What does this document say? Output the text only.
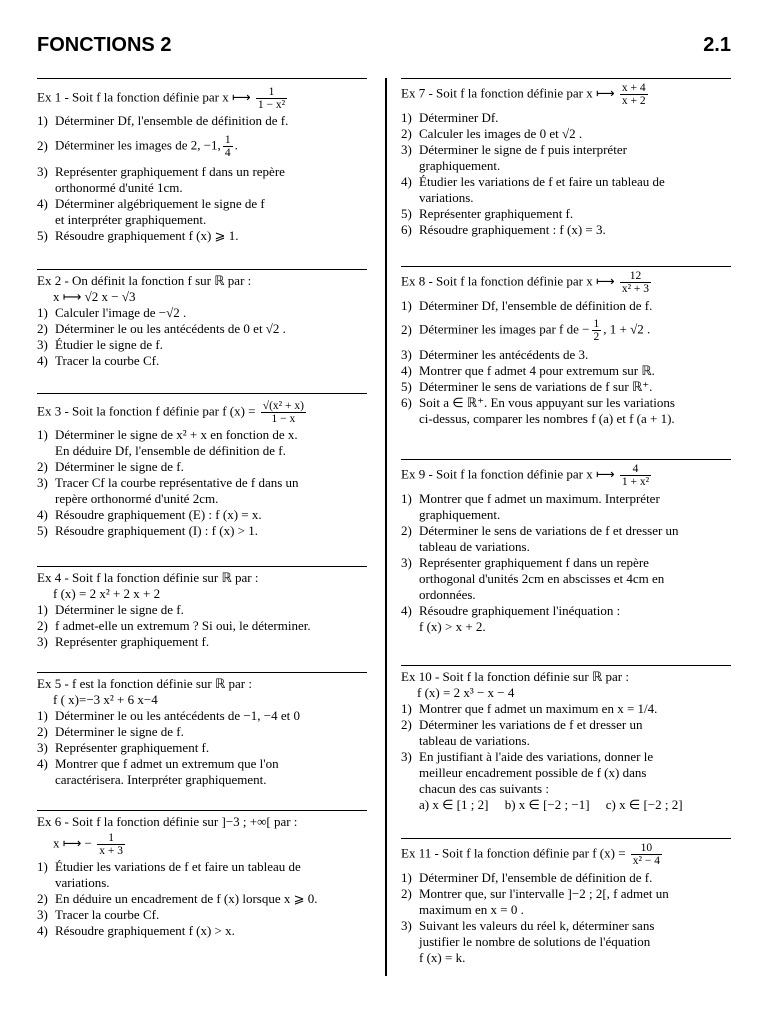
FONCTIONS 2	2.1

Ex 1 - Soit f la fonction définie par x ⟼ $\frac{1}{\text{1 − x²}}$

1) Déterminer Df, l'ensemble de définition de f.
2) Déterminer les images de 2, −1, $\frac{1}{4}$ .
3) Représenter graphiquement f dans un repère
orthonormé d'unité 1cm.
4) Déterminer algébriquement le signe de f
et interpréter graphiquement.
5) Résoudre graphiquement f (x) ⩾ 1.

Ex 2 - On définit la fonction f sur ℝ par :

x ⟼ √2 x − √3
1) Calculer l'image de −√2 .
2) Déterminer le ou les antécédents de 0 et √2 .
3) Étudier le signe de f.
4) Tracer la courbe Cf.

Ex 3 - Soit la fonction f définie par f $(x) = \frac{\text{√(x² + x)}}{1 - x}$

1) Déterminer le signe de x² + x en fonction de x.
En déduire Df, l'ensemble de définition de f.
2) Déterminer le signe de f.
3) Tracer Cf la courbe représentative de f dans un
repère orthonormé d'unité 2cm.
4) Résoudre graphiquement (E) : f (x) = x.
5) Résoudre graphiquement (I) : f (x) > 1.

Ex 4 - Soit f la fonction définie sur ℝ par :

f (x) = 2 x² + 2 x + 2
1) Déterminer le signe de f.
2) f admet-elle un extremum ? Si oui, le déterminer.
3) Représenter graphiquement f.

Ex 5 - f est la fonction définie sur ℝ par :

f ( x)=−3 x² + 6 x−4
1) Déterminer le ou les antécédents de −1, −4 et 0
2) Déterminer le signe de f.
3) Représenter graphiquement f.
4) Montrer que f admet un extremum que l'on
caractérisera. Interpréter graphiquement.

Ex 6 - Soit f la fonction définie sur ]−3 ; +∞[ par :

x ⟼ − $\frac{1}{x + 3}$
1) Étudier les variations de f et faire un tableau de
variations.
2) En déduire un encadrement de f (x) lorsque x ⩾ 0.
3) Tracer la courbe Cf.
4) Résoudre graphiquement f (x) > x.

Ex 7 - Soit f la fonction définie par x ⟼ $\frac{x + 4}{x + 2}$

1) Déterminer Df.
2) Calculer les images de 0 et √2 .
3) Déterminer le signe de f puis interpréter
graphiquement.
4) Étudier les variations de f et faire un tableau de
variations.
5) Représenter graphiquement f.
6) Résoudre graphiquement : f (x) = 3.

Ex 8 - Soit f la fonction définie par x ⟼ $\frac{12}{\text{x² + 3}}$

1) Déterminer Df, l'ensemble de définition de f.
2) Déterminer les images par f de − $\frac{1}{2}$ , 1 + √2 .
3) Déterminer les antécédents de 3.
4) Montrer que f admet 4 pour extremum sur ℝ.
5) Déterminer le sens de variations de f sur ℝ⁺.
6) Soit a ∈ ℝ⁺. En vous appuyant sur les variations
ci-dessus, comparer les nombres f (a) et f (a + 1).

Ex 9 - Soit f la fonction définie par x ⟼ $\frac{4}{\text{1 + x²}}$

1) Montrer que f admet un maximum. Interpréter
graphiquement.
2) Déterminer le sens de variations de f et dresser un
tableau de variations.
3) Représenter graphiquement f dans un repère
orthogonal d'unités 2cm en abscisses et 4cm en
ordonnées.
4) Résoudre graphiquement l'inéquation :
f (x) > x + 2.

Ex 10 - Soit f la fonction définie sur ℝ par :

f (x) = 2 x³ − x − 4
1) Montrer que f admet un maximum en x = 1/4.
2) Déterminer les variations de f et dresser un
tableau de variations.
3) En justifiant à l'aide des variations, donner le
meilleur encadrement possible de f (x) dans
chacun des cas suivants :
a) x ∈ [1 ; 2]     b) x ∈ [−2 ; −1]     c) x ∈ [−2 ; 2]

Ex 11 - Soit f la fonction définie par f $(x) = \frac{10}{\text{x² − 4}}$

1) Déterminer Df, l'ensemble de définition de f.
2) Montrer que, sur l'intervalle ]−2 ; 2[, f admet un
maximum en x = 0 .
3) Suivant les valeurs du réel k, déterminer sans
justifier le nombre de solutions de l'équation
f (x) = k.
